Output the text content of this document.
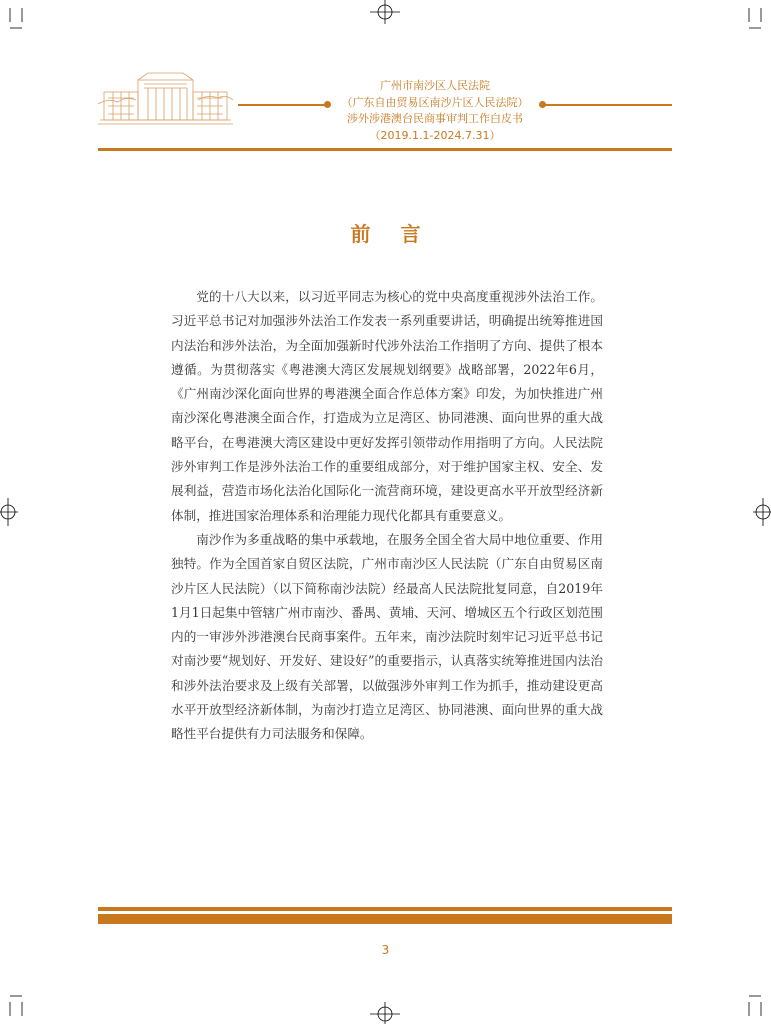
广州市南沙区人民法院
（广东自由贸易区南沙片区人民法院）
涉外涉港澳台民商事审判工作白皮书
（2019.1.1-2024.7.31）
前言

党的十八大以来，以习近平同志为核心的党中央高度重视涉外法治工作。习近平总书记对加强涉外法治工作发表一系列重要讲话，明确提出统筹推进国内法治和涉外法治，为全面加强新时代涉外法治工作指明了方向、提供了根本遵循。为贯彻落实《粤港澳大湾区发展规划纲要》战略部署，2022年6月，《广州南沙深化面向世界的粤港澳全面合作总体方案》印发，为加快推进广州南沙深化粤港澳全面合作，打造成为立足湾区、协同港澳、面向世界的重大战略平台，在粤港澳大湾区建设中更好发挥引领带动作用指明了方向。人民法院涉外审判工作是涉外法治工作的重要组成部分，对于维护国家主权、安全、发展利益，营造市场化法治化国际化一流营商环境，建设更高水平开放型经济新体制，推进国家治理体系和治理能力现代化都具有重要意义。

南沙作为多重战略的集中承载地，在服务全国全省大局中地位重要、作用独特。作为全国首家自贸区法院，广州市南沙区人民法院（广东自由贸易区南沙片区人民法院）（以下简称南沙法院）经最高人民法院批复同意，自2019年1月1日起集中管辖广州市南沙、番禺、黄埔、天河、增城区五个行政区划范围内的一审涉外涉港澳台民商事案件。五年来，南沙法院时刻牢记习近平总书记对南沙要“规划好、开发好、建设好”的重要指示，认真落实统筹推进国内法治和涉外法治要求及上级有关部署，以做强涉外审判工作为抓手，推动建设更高水平开放型经济新体制，为南沙打造立足湾区、协同港澳、面向世界的重大战略性平台提供有力司法服务和保障。

3
